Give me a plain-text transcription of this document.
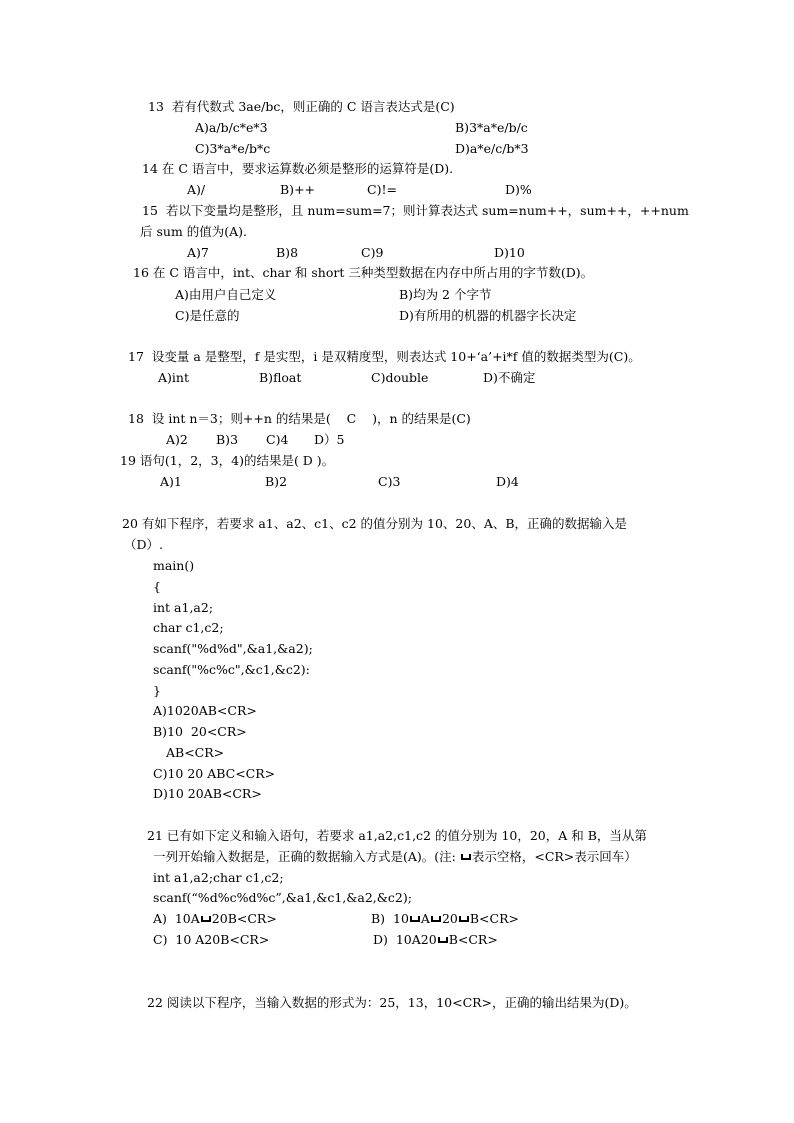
13  若有代数式 3ae/bc，则正确的 C 语言表达式是(C)
A)a/b/c*e*3	B)3*a*e/b/c
C)3*a*e/b*c	D)a*e/c/b*3
14 在 C 语言中，要求运算数必须是整形的运算符是(D).
A)/	B)++	C)!=	D)%
15  若以下变量均是整形，且 num=sum=7；则计算表达式 sum=num++，sum++，++num
后 sum 的值为(A).
A)7	B)8	C)9	D)10
16 在 C 语言中，int、char 和 short 三种类型数据在内存中所占用的字节数(D)。
A)由用户自己定义	B)均为 2 个字节
C)是任意的	D)有所用的机器的机器字长决定
17  设变量 a 是整型，f 是实型，i 是双精度型，则表达式 10+‘a’+i*f 值的数据类型为(C)。
A)int	B)float	C)double	D)不确定
18  设 int n＝3；则++n 的结果是(    C    )，n 的结果是(C)
A)2 B)3 C)4 D）5
19 语句(1，2，3，4)的结果是( D )。
A)1	B)2	C)3	D)4
20 有如下程序，若要求 a1、a2、c1、c2 的值分别为 10、20、A、B，正确的数据输入是
（D）.
main()
{
int a1,a2;
char c1,c2;
scanf("%d%d",&a1,&a2);
scanf("%c%c",&c1,&c2):
}
A)1020AB<CR>
B)10  20<CR>
AB<CR>
C)10 20 ABC<CR>
D)10 20AB<CR>
21 已有如下定义和输入语句，若要求 a1,a2,c1,c2 的值分别为 10，20，A 和 B，当从第
一列开始输入数据是，正确的数据输入方式是(A)。(注: 表示空格，<CR>表示回车）
int a1,a2;char c1,c2;
scanf(“%d%c%d%c”,&a1,&c1,&a2,&c2);
A)  10A 20B<CR>	B)  10 A 20 B<CR>
C)  10 A20B<CR>	D)  10A20 B<CR>
22 阅读以下程序，当输入数据的形式为：25，13，10<CR>，正确的输出结果为(D)。
